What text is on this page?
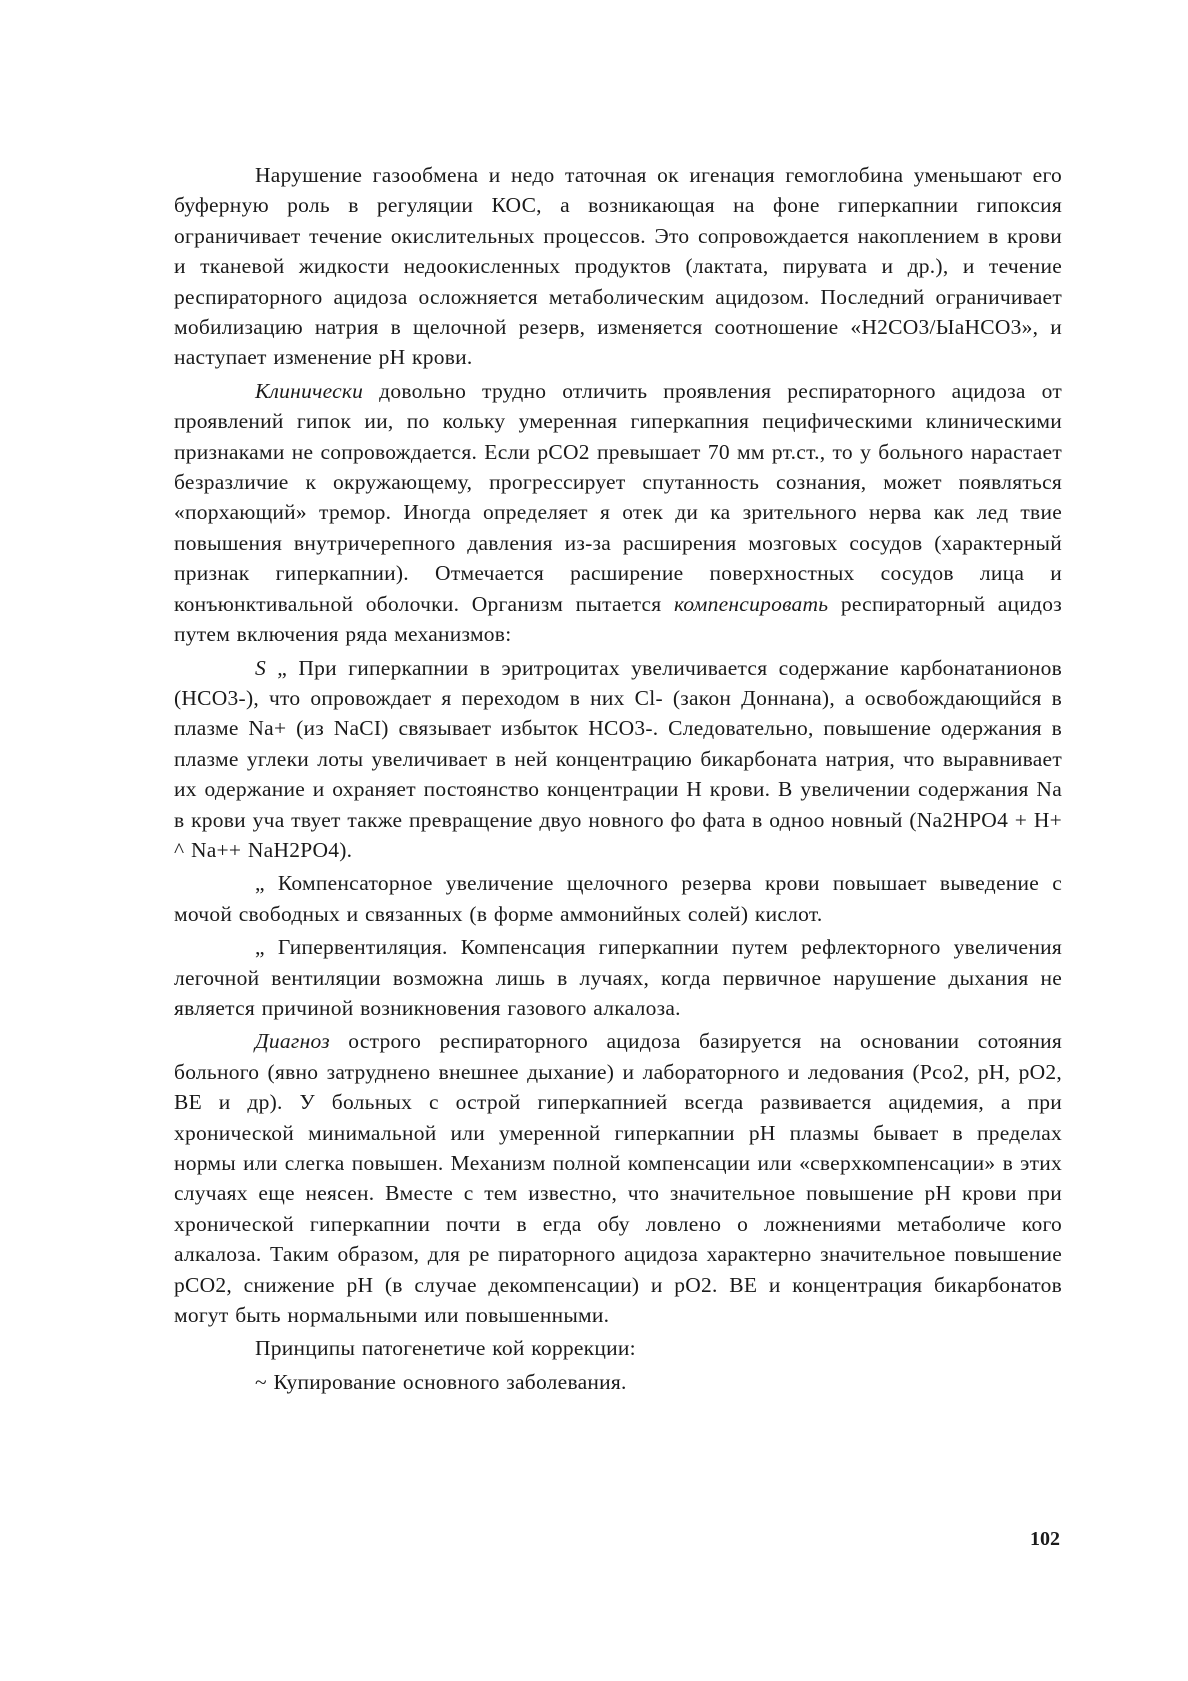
Нарушение газообмена и недо таточная ок игенация гемоглобина уменьшают его буферную роль в регуляции КОС, а возникающая на фоне гиперкапнии гипоксия ограничивает течение окислительных процессов. Это сопровождается накоплением в крови и тканевой жидкости недоокисленных продуктов (лактата, пирувата и др.), и течение респираторного ацидоза осложняется метаболическим ацидозом. Последний ограничивает мобилизацию натрия в щелочной резерв, изменяется соотношение «Н2СО3/ЫаНСО3», и наступает изменение рН крови.

Клинически довольно трудно отличить проявления респираторного ацидоза от проявлений гипок ии, по кольку умеренная гиперкапния пецифическими клиническими признаками не сопровождается. Если рСО2 превышает 70 мм рт.ст., то у больного нарастает безразличие к окружающему, прогрессирует спутанность сознания, может появляться «порхающий» тремор. Иногда определяет я отек ди ка зрительного нерва как лед твие повышения внутричерепного давления из-за расширения мозговых сосудов (характерный признак гиперкапнии). Отмечается расширение поверхностных сосудов лица и конъюнктивальной оболочки. Организм пытается компенсировать респираторный ацидоз путем включения ряда механизмов:

S „ При гиперкапнии в эритроцитах увеличивается содержание карбонатанионов (НСО3-), что опровождает я переходом в них Cl- (закон Доннана), а освобождающийся в плазме Na+ (из NaCI) связывает избыток НСО3-. Следовательно, повышение одержания в плазме углеки лоты увеличивает в ней концентрацию бикарбоната натрия, что выравнивает их одержание и охраняет постоянство концентрации Н крови. В увеличении содержания Na в крови уча твует также превращение двуо новного фо фата в одноо новный (Na2HPO4 + H+ ^ Na++ NaH2PO4).

„ Компенсаторное увеличение щелочного резерва крови повышает выведение с мочой свободных и связанных (в форме аммонийных солей) кислот.

„ Гипервентиляция. Компенсация гиперкапнии путем рефлекторного увеличения легочной вентиляции возможна лишь в лучаях, когда первичное нарушение дыхания не является причиной возникновения газового алкалоза.

Диагноз острого респираторного ацидоза базируется на основании cотояния больного (явно затруднено внешнее дыхание) и лабораторного и ледования (Рсо2, рН, рО2, ВЕ и др). У больных с острой гиперкапнией всегда развивается ацидемия, а при хронической минимальной или умеренной гиперкапнии рН плазмы бывает в пределах нормы или слегка повышен. Механизм полной компенсации или «сверхкомпенсации» в этих случаях еще неясен. Вместе с тем известно, что значительное повышение рН крови при хронической гиперкапнии почти в егда обу ловлено о ложнениями метаболиче кого алкалоза. Таким образом, для ре пираторного ацидоза характерно значительное повышение рСО2, снижение рН (в случае декомпенсации) и рО2. ВЕ и концентрация бикарбонатов могут быть нормальными или повышенными.

Принципы патогенетиче кой коррекции:

~ Купирование основного заболевания.

102
